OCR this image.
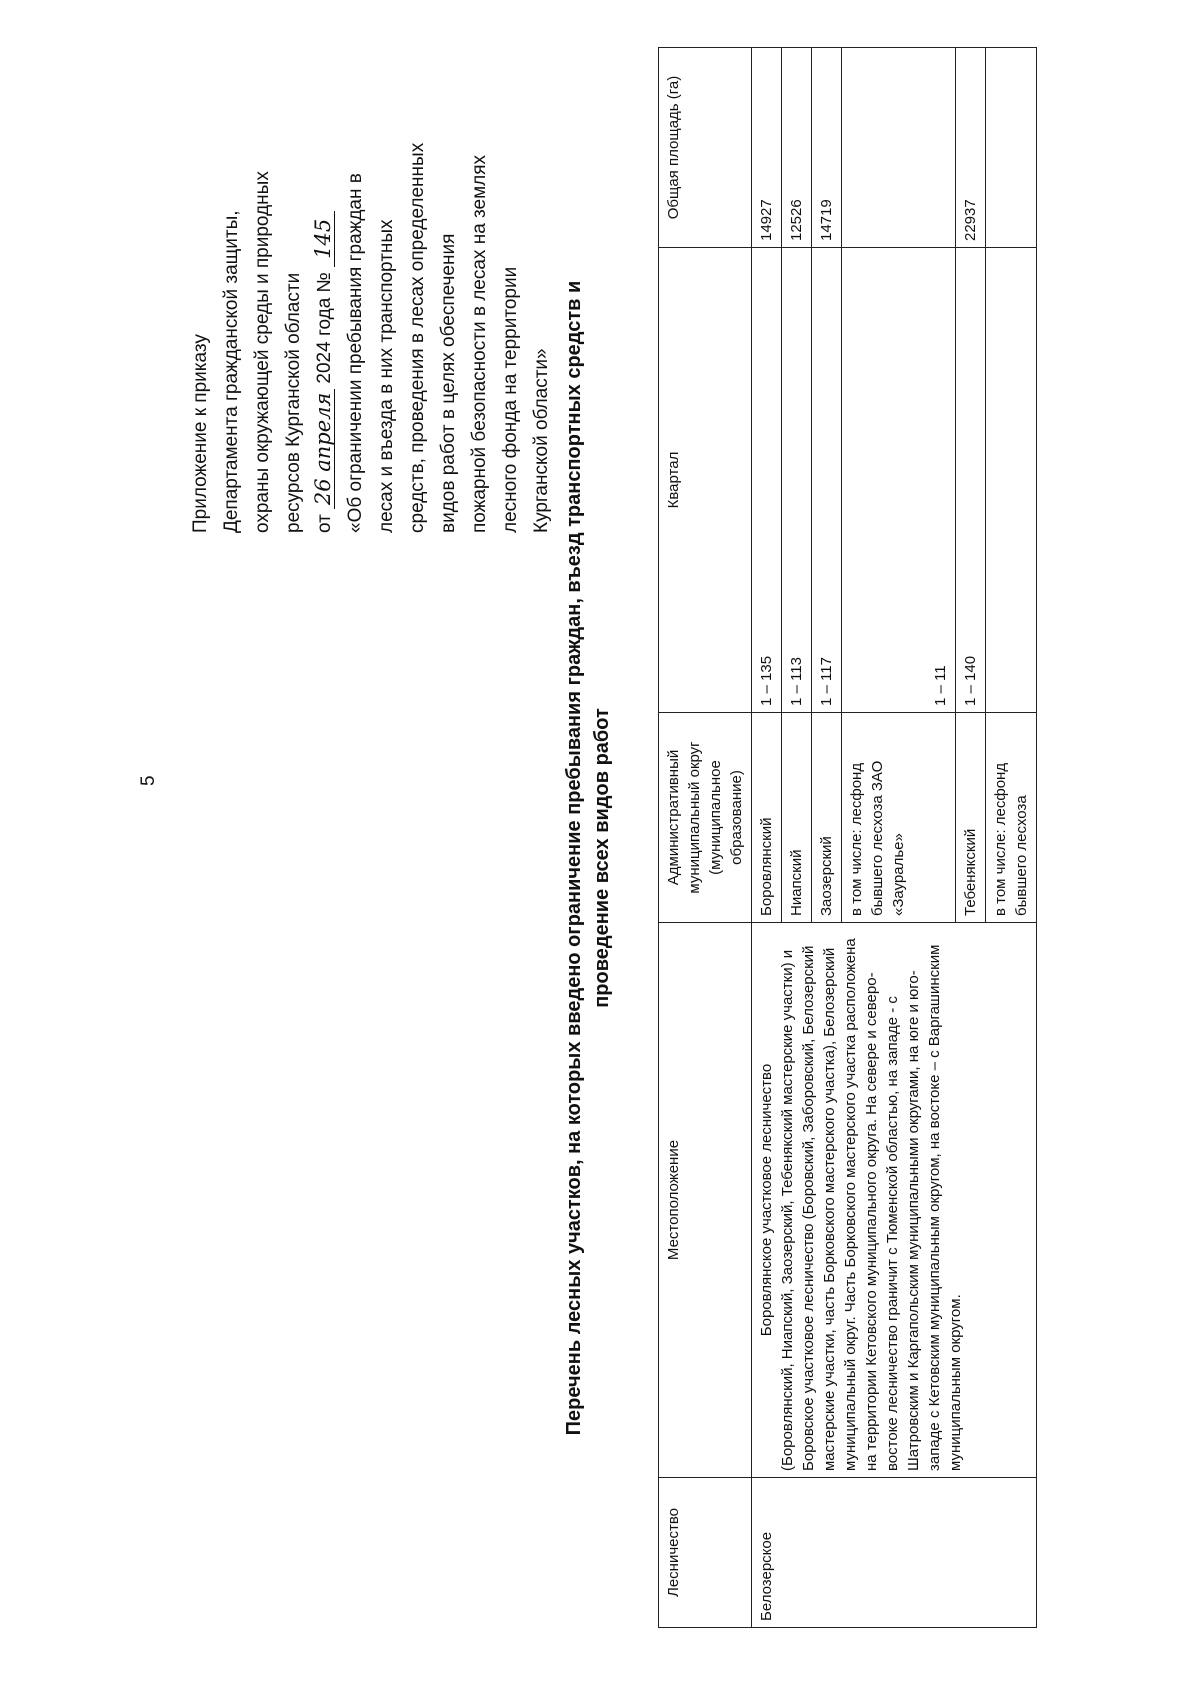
5
Приложение к приказу Департамента гражданской защиты, охраны окружающей среды и природных ресурсов Курганской области от 26 апреля 2024 года № 145 «Об ограничении пребывания граждан в лесах и въезда в них транспортных средств, проведения в лесах определенных видов работ в целях обеспечения пожарной безопасности в лесах на землях лесного фонда на территории Курганской области» Перечень лесных участков, на которых введено ограничение пребывания граждан, въезд транспортных средств и проведение всех видов работ
Лесничество	Местоположение	Административный муниципальный округ (муниципальное образование)	Квартал	Общая площадь (га)
Белозерское	Боровлянское участковое лесничество (Боровлянский, Ниапский, Заозерский, Тебенякский мастерские участки) и Боровское участковое лесничество (Боровский, Заборовский, Белозерский мастерские участки, часть Борковского мастерского участка), Белозерский муниципальный округ. Часть Борковского мастерского участка расположена на территории Кетовского муниципального округа. На севере и северо-востоке лесничество граничит с Тюменской областью, на западе - с Шатровским и Каргапольским муниципальными округами, на юге и юго-западе с Кетовским муниципальным округом, на востоке – с Варгашинским муниципальным округом.	Боровлянский	1 – 135	14927
		Ниапский	1 – 113	12526
		Заозерский	1 – 117	14719
		в том числе: лесфонд бывшего лесхоза ЗАО «Зауралье»	1 – 11	
		Тебенякский	1 – 140	22937
		в том числе: лесфонд бывшего лесхоза		
